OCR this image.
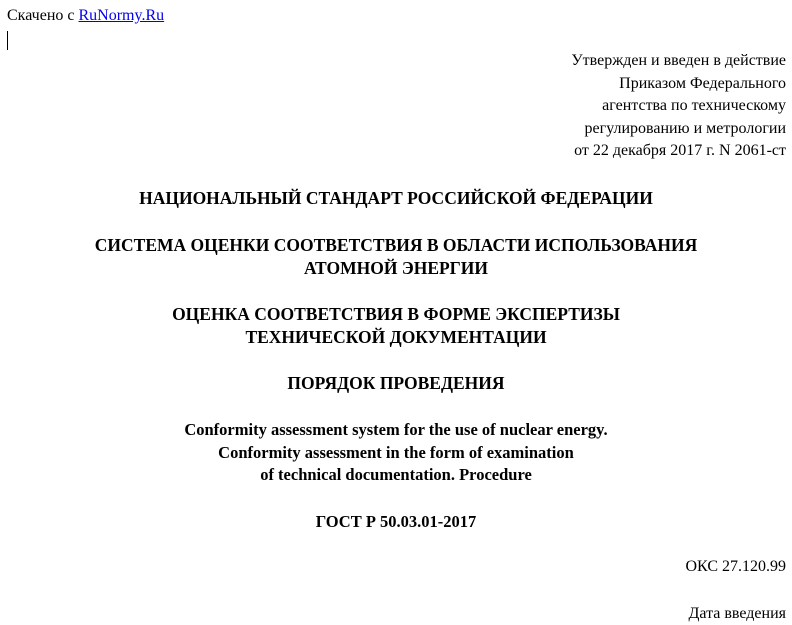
Скачено с RuNormy.Ru
Утвержден и введен в действие
Приказом Федерального
агентства по техническому
регулированию и метрологии
от 22 декабря 2017 г. N 2061-ст
НАЦИОНАЛЬНЫЙ СТАНДАРТ РОССИЙСКОЙ ФЕДЕРАЦИИ
СИСТЕМА ОЦЕНКИ СООТВЕТСТВИЯ В ОБЛАСТИ ИСПОЛЬЗОВАНИЯ
АТОМНОЙ ЭНЕРГИИ
ОЦЕНКА СООТВЕТСТВИЯ В ФОРМЕ ЭКСПЕРТИЗЫ
ТЕХНИЧЕСКОЙ ДОКУМЕНТАЦИИ
ПОРЯДОК ПРОВЕДЕНИЯ
Conformity assessment system for the use of nuclear energy.
Conformity assessment in the form of examination
of technical documentation. Procedure
ГОСТ Р 50.03.01-2017
ОКС 27.120.99
Дата введения
